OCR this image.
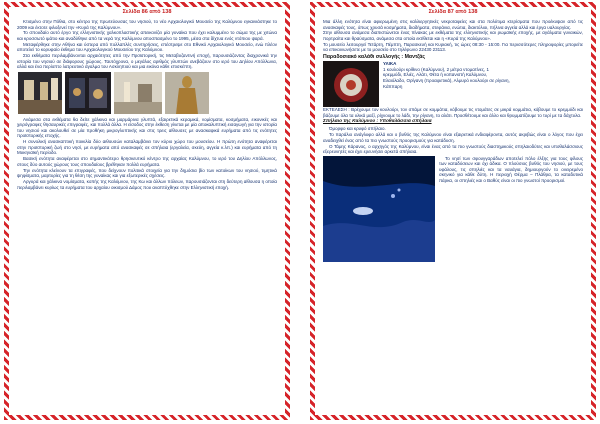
Σελίδα 86 από 138

Κτισμένο στην Πόθια, στο κέντρο της πρωτεύουσας του νησιού, το νέο Αρχαιολογικό Μουσείο της Καλύμνου εγκαινιάστηκε το 2009 και έκτοτε φιλοξενεί την «Κυρά της Καλύμνου».

Το σπουδαίο αυτό έργο της ελληνιστικής χαλκοπλαστικής απεικονίζει μία γυναίκα που έχει καλυμμένο το σώμα της με χιτώνα και κροσσωτό ιμάτιο και αναδύθηκε από τα νερά της Καλύμνου αποσπασμένο το 1995, μέσα στα δίχτυα ενός ντόπιου ψαρά.

Μεταφέρθηκε στην Αθήνα και ύστερα από πολλαπλές συντηρήσεις, επέστρεψε στο Εθνικό Αρχαιολογικό Μουσείο, ενώ πλέον αποτελεί το κορυφαίο έκθεμα του Αρχαιολογικού Μουσείου της Καλύμνου.

Στα εκθέματα περιλαμβάνονται αρχαιότητες από την Προϊστορική, τις Μεταβυζαντινή εποχή, παρουσιάζοντας διαχρονικά την ιστορία του νησιού σε διάφορους χώρους. Ταυτόχρονα, ο μεγάλος αριθμός γλυπτών ανεβάζουν στο ιερό του Δηλίου Απόλλωνα, αλλά και ένα περίοπτο λατρευτικό άγαλμα του Ασκληπιού και μια εικόνα κάθε επισκέπτη.

Ανάμεσα στα εκθέματα θα δείτε χάλκινα και μαρμάρινα γλυπτά, εξαιρετικά κεραμικά, νομίσματα, κοσμήματα, εικονικές και χειρόγραφες θησαυρικές επιγραφές, και πολλά άλλα. Η είσοδος στην έκθεση γίνεται με μία αποκαλυπτική εισαγωγή για την ιστορία του νησιού και ακολουθεί σε μία προθήκη μικρογλυπτικής και στις τρεις αίθουσες με ανασκαφικά ευρήματα από τις ενότητες προϊστορικής εποχής.

Η συνολική ανασκαπτική ποικιλία δύο αιθουσών καταλαμβάνει τον κύριο χώρο του μουσείου. Η πρώτη ενότητα αναφέρεται στην προϊστορική ζωή στο νησί, με ευρήματα από ανασκαφές σε σπήλαια (εργαλεία, σκεύη, αγγεία κ.λπ.) και ευρήματα από τη Μυκηναϊκή περίοδο.

Βασική ενότητα αναφέρεται στο σημαντικότερο θρησκευτικό κέντρο της αρχαίας Καλύμνου, το ιερό του Δηλίου Απόλλωνος, στους δύο αυτούς χώρους τους σπουδαίους βρέθηκαν πολλά ευρήματα.

Την ενότητα κλείνουν τα επιγραφές, που δείχνουν πολιτικά στοιχεία για την δημόσια βίο των κατοίκων του νησιού, τιμητικά ψηφίσματα, μαρτυρίες για τη θέση της γυναίκας και για εξωτερικές σχέσεις.

Αργυρά και χάλκινα νομίσματα, κοπής της Καλύμνου, της Κω και άλλων πόλεων, παρουσιάζονται στη δεύτερη αίθουσα η οποία περιλαμβάνει κυρίως τα ευρήματα του αρχαίου οικισμού Δάμος που αναπτύχθηκε στην Ελληνιστική εποχή.

Σελίδα 87 από 138

Μια άλλη ενότητα είναι αφιερωμένη στις καλλιεργητικές νεκροταφείες και στα πολύτιμα κτερίσματα που προέκυψαν από τις ανασκαφές τους, όπως χρυσά κοσμήματα, διαδήματα, στεφάνια, ενώτια, διακτύλιοι, πήλινα αγγεία αλλά και έργα υαλουργίας.

Στην αίθουσα ανάμεσα διαπιστώνεται ένας πίνακας με εκθέματα της ελληνιστικής και ρωμαϊκής εποχής, με αγάλματα γυναικών, πορτραίτα και θραύσματα, ανάμεσα στα οποία εκτίθεται και η «Κυρά της Καλύμνου».

Το μουσείο λειτουργεί Τετάρτη, Πέμπτη, Παρασκευή και Κυριακή, τις ώρες 08:30 - 15:00. Για περισσότερες πληροφορίες μπορείτε να επικοινωνήσετε με το μουσείο στο τηλέφωνο 22430 23113.

Παραδοσιακό καλάθι συλλογής : Μαντζάς
ΥΛΙΚΑ
1 κουλούρι κρίθινο (Καλύμνου), 2 μέτρα ντοματίνες, 1
κρεμμύδι, Ελιές, Αλάτι, Φέτα ή κοπανιστή Καλύμνου,
Ελαιόλαδο, Ορίγανη (προαιρετικά), Αλμυρό κουλούρι σε ρίγανη,
Κάππαρη

ΕΚΤΕΛΕΣΗ : Βρέχουμε τον κουλούρι, τον σπάμε σε κομμάτια, κόβουμε τις ντομάτες σε μικρά κομμάτια, κόβουμε το κρεμμύδι και βάζουμε όλα τα υλικά μαζί, ρίχνουμε το λάδι, την ρίγανη, το αλάτι. Προσθέτουμε και άλλο και θρυμματίζουμε το τυρί με τα δάχτυλα.

Σπήλαιο της Καλύμνου : Υποθαλάσσια σπήλαια

Όμορφο και κρυφό σπήλαιο.

Το παράλιο ανάγλυφο αλλά και ο βυθός της Καλύμνου είναι εξαιρετικά ενδιαφέροντα, αυτός ακριβώς είναι ο λόγος που έχει αναδειχθεί ένας από τα πιο γνωστούς προορισμούς για κατάδυση.

Ο Τάμης Κάρανος, ο αρχηγός της Καλύμνου, είναι ένας από τα πιο γνωστούς διαστημικούς σπηλαιοδύτες και υποθαλάσσιους εξερευνητές και έχει ερευνήσει αρκετά σπήλαια.

Το νησί των σφουγγαράδων αποτελεί πόλο έλξης για τους φίλους των καταδύσεων και όχι άδικα. Ο πλούσιος βυθός του νησιού, με τους υφάλους, τις σπηλιές και τα ναυάγια, δημιουργούν το ονειρεμένο σκηνικό για κάθε δύτη. Η περιοχή Θέρμα – Πλάθρα, τα καταδυτικά πάρκα, οι σπηλιές και ο Βαθύς είναι οι πιο γνωστοί προορισμοί.
